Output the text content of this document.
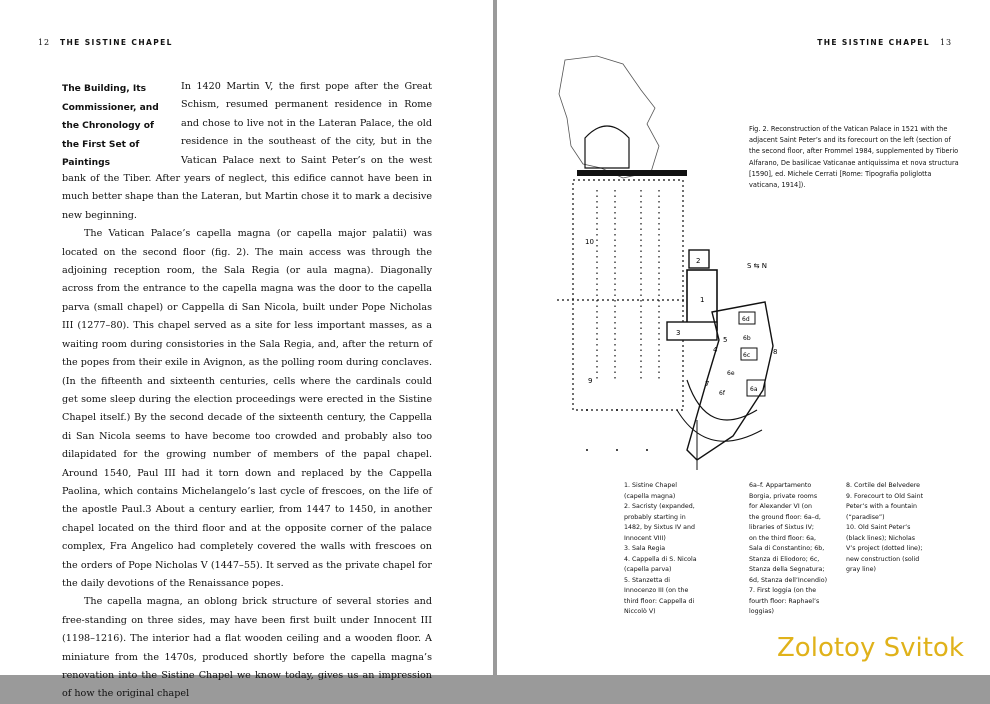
12 THE SISTINE CHAPEL
The Building, Its Commissioner, and the Chronology of the First Set of Paintings

In 1420 Martin V, the first pope after the Great Schism, resumed permanent residence in Rome and chose to live not in the Lateran Palace, the old residence in the southeast of the city, but in the Vatican Palace next to Saint Peter’s on the west bank of the Tiber. After years of neglect, this edifice cannot have been in much better shape than the Lateran, but Martin chose it to mark a decisive new beginning.

The Vatican Palace’s capella magna (or capella major palatii) was located on the second floor (fig. 2). The main access was through the adjoining reception room, the Sala Regia (or aula magna). Diagonally across from the entrance to the capella magna was the door to the capella parva (small chapel) or Cappella di San Nicola, built under Pope Nicholas III (1277–80). This chapel served as a site for less important masses, as a waiting room during consistories in the Sala Regia, and, after the return of the popes from their exile in Avignon, as the polling room during conclaves. (In the fifteenth and sixteenth centuries, cells where the cardinals could get some sleep during the election proceedings were erected in the Sistine Chapel itself.) By the second decade of the sixteenth century, the Cappella di San Nicola seems to have become too crowded and probably also too dilapidated for the growing number of members of the papal chapel. Around 1540, Paul III had it torn down and replaced by the Cappella Paolina, which contains Michelangelo’s last cycle of frescoes, on the life of the apostle Paul.3 About a century earlier, from 1447 to 1450, in another chapel located on the third floor and at the opposite corner of the palace complex, Fra Angelico had completely covered the walls with frescoes on the orders of Pope Nicholas V (1447–55). It served as the private chapel for the daily devotions of the Renaissance popes.

The capella magna, an oblong brick structure of several stories and free-standing on three sides, may have been first built under Innocent III (1198–1216). The interior had a flat wooden ceiling and a wooden floor. A miniature from the 1470s, produced shortly before the capella magna’s renovation into the Sistine Chapel we know today, gives us an impression of how the original chapel

THE SISTINE CHAPEL 13
10
2
1
3
4
5
6d
6b
6c
6a
6e
6f
7
8
9
S ⇆ N
Fig. 2. Reconstruction of the Vatican Palace in 1521 with the adjacent Saint Peter’s and its forecourt on the left (section of the second floor, after Frommel 1984, supplemented by Tiberio Alfarano, De basilicae Vaticanae antiquissima et nova structura [1590], ed. Michele Cerrati [Rome: Tipografia poliglotta vaticana, 1914]).
1. Sistine Chapel
(capella magna)
2. Sacristy (expanded,
probably starting in
1482, by Sixtus IV and
Innocent VIII)
3. Sala Regia
4. Cappella di S. Nicola
(capella parva)
5. Stanzetta di
Innocenzo III (on the
third floor: Cappella di
Niccolò V)
6a–f. Appartamento
Borgia, private rooms
for Alexander VI (on
the ground floor: 6a–d,
libraries of Sixtus IV;
on the third floor: 6a,
Sala di Constantino; 6b,
Stanza di Eliodoro; 6c,
Stanza della Segnatura;
6d, Stanza dell’Incendio)
7. First loggia (on the
fourth floor: Raphael’s
loggias)
8. Cortile del Belvedere
9. Forecourt to Old Saint
Peter’s with a fountain
(“paradise”)
10. Old Saint Peter’s
(black lines); Nicholas
V’s project (dotted line);
new construction (solid
gray line)
Zolotoy Svitok
